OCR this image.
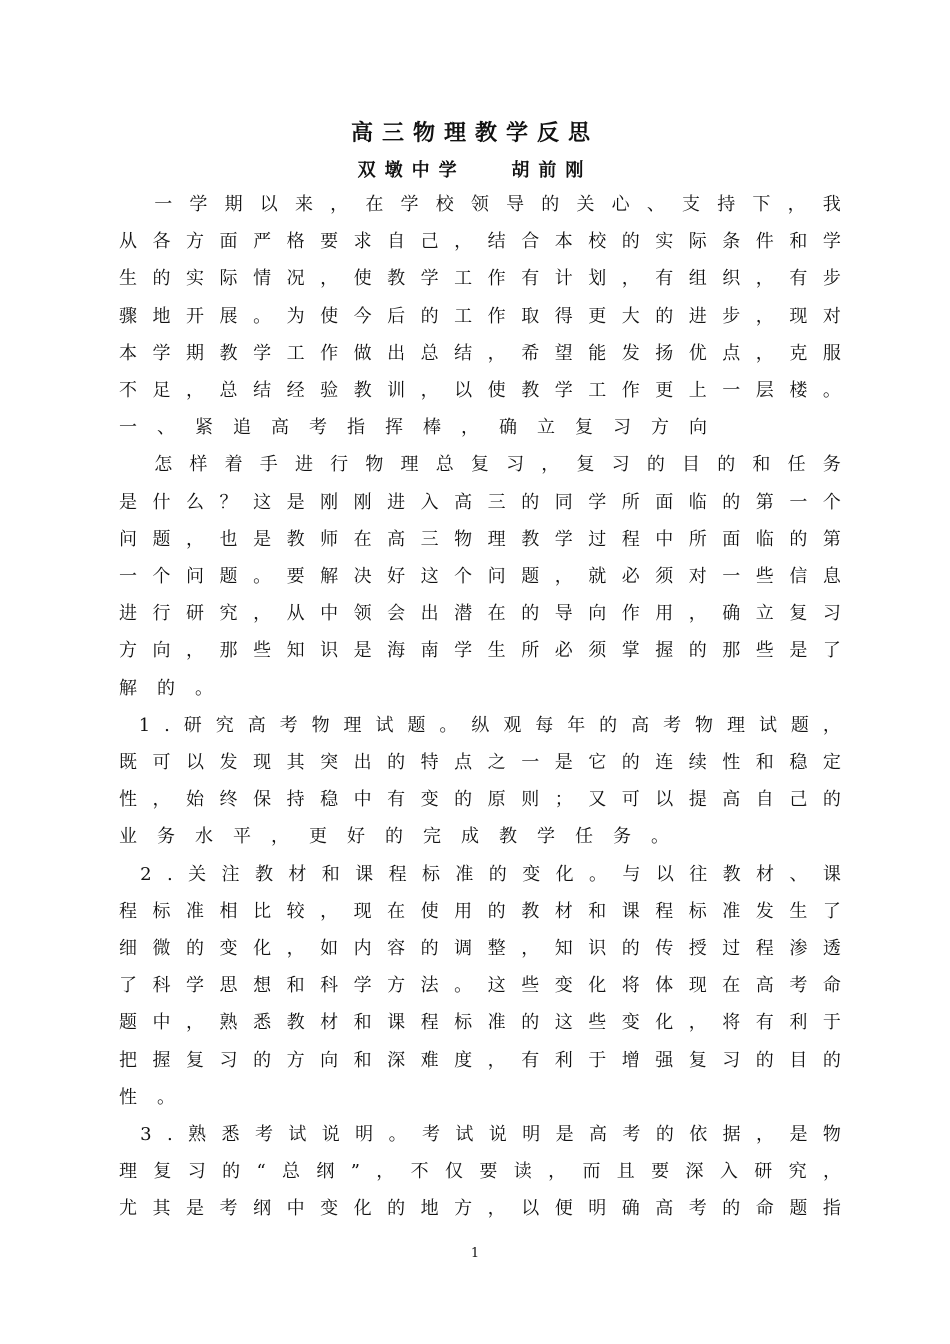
高三物理教学反思
双墩中学   胡前刚

一 学 期 以 来 ， 在 学 校 领 导 的 关 心 、 支 持 下 ， 我
从 各 方 面 严 格 要 求 自 己 ， 结 合 本 校 的 实 际 条 件 和 学
生 的 实 际 情 况 ， 使 教 学 工 作 有 计 划 ， 有 组 织 ， 有 步
骤 地 开 展 。 为 使 今 后 的 工 作 取 得 更 大 的 进 步 ， 现 对
本 学 期 教 学 工 作 做 出 总 结 ， 希 望 能 发 扬 优 点 ， 克 服
不 足 ， 总 结 经 验 教 训 ， 以 使 教 学 工 作 更 上 一 层 楼 。
一 、 紧 追 高 考 指 挥 棒 ， 确 立 复 习 方 向

怎 样 着 手 进 行 物 理 总 复 习 ， 复 习 的 目 的 和 任 务
是 什 么 ？ 这 是 刚 刚 进 入 高 三 的 同 学 所 面 临 的 第 一 个
问 题 ， 也 是 教 师 在 高 三 物 理 教 学 过 程 中 所 面 临 的 第
一 个 问 题 。 要 解 决 好 这 个 问 题 ， 就 必 须 对 一 些 信 息
进 行 研 究 ， 从 中 领 会 出 潜 在 的 导 向 作 用 ， 确 立 复 习
方 向 ， 那 些 知 识 是 海 南 学 生 所 必 须 掌 握 的 那 些 是 了
解 的 。

1 . 研 究 高 考 物 理 试 题 。 纵 观 每 年 的 高 考 物 理 试 题 ，
既 可 以 发 现 其 突 出 的 特 点 之 一 是 它 的 连 续 性 和 稳 定
性 ， 始 终 保 持 稳 中 有 变 的 原 则 ； 又 可 以 提 高 自 己 的
业 务 水 平 ， 更 好 的 完 成 教 学 任 务 。

2 . 关 注 教 材 和 课 程 标 准 的 变 化 。 与 以 往 教 材 、 课
程 标 准 相 比 较 ， 现 在 使 用 的 教 材 和 课 程 标 准 发 生 了
细 微 的 变 化 ， 如 内 容 的 调 整 ， 知 识 的 传 授 过 程 渗 透
了 科 学 思 想 和 科 学 方 法 。 这 些 变 化 将 体 现 在 高 考 命
题 中 ， 熟 悉 教 材 和 课 程 标 准 的 这 些 变 化 ， 将 有 利 于
把 握 复 习 的 方 向 和 深 难 度 ， 有 利 于 增 强 复 习 的 目 的
性 。

3 . 熟 悉 考 试 说 明 。 考 试 说 明 是 高 考 的 依 据 ， 是 物
理 复 习 的 “ 总 纲 ” ， 不 仅 要 读 ， 而 且 要 深 入 研 究 ，
尤 其 是 考 纲 中 变 化 的 地 方 ， 以 便 明 确 高 考 的 命 题 指
1
